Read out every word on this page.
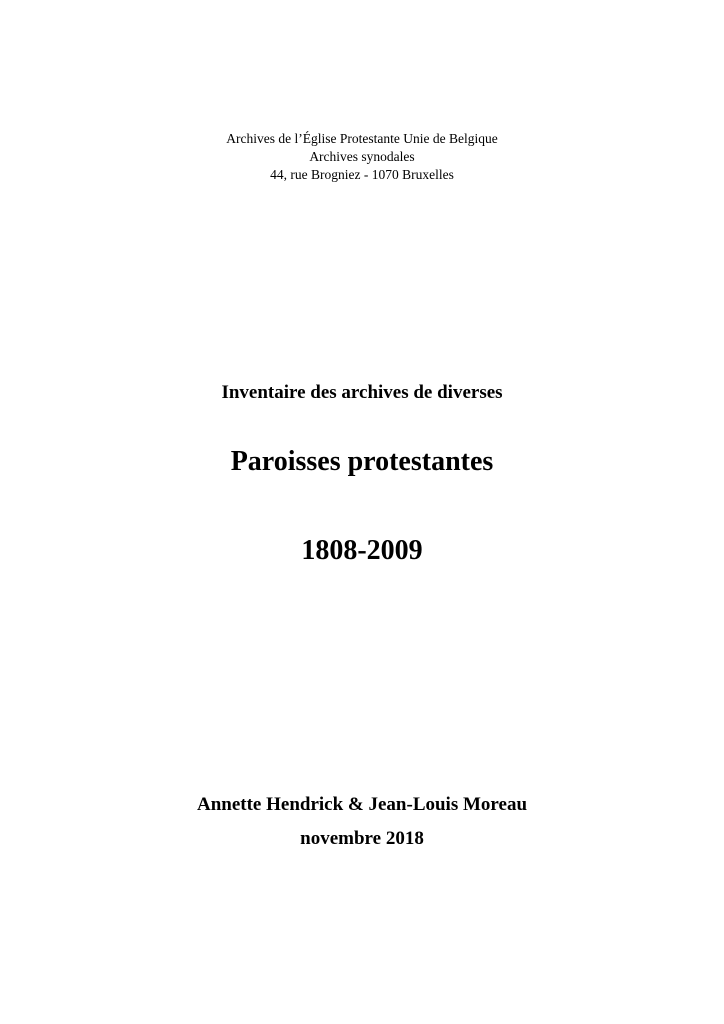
Archives de l’Église Protestante Unie de Belgique
Archives synodales
44, rue Brogniez - 1070 Bruxelles
Inventaire des archives de diverses
Paroisses protestantes
1808-2009
Annette Hendrick & Jean-Louis Moreau
novembre 2018
